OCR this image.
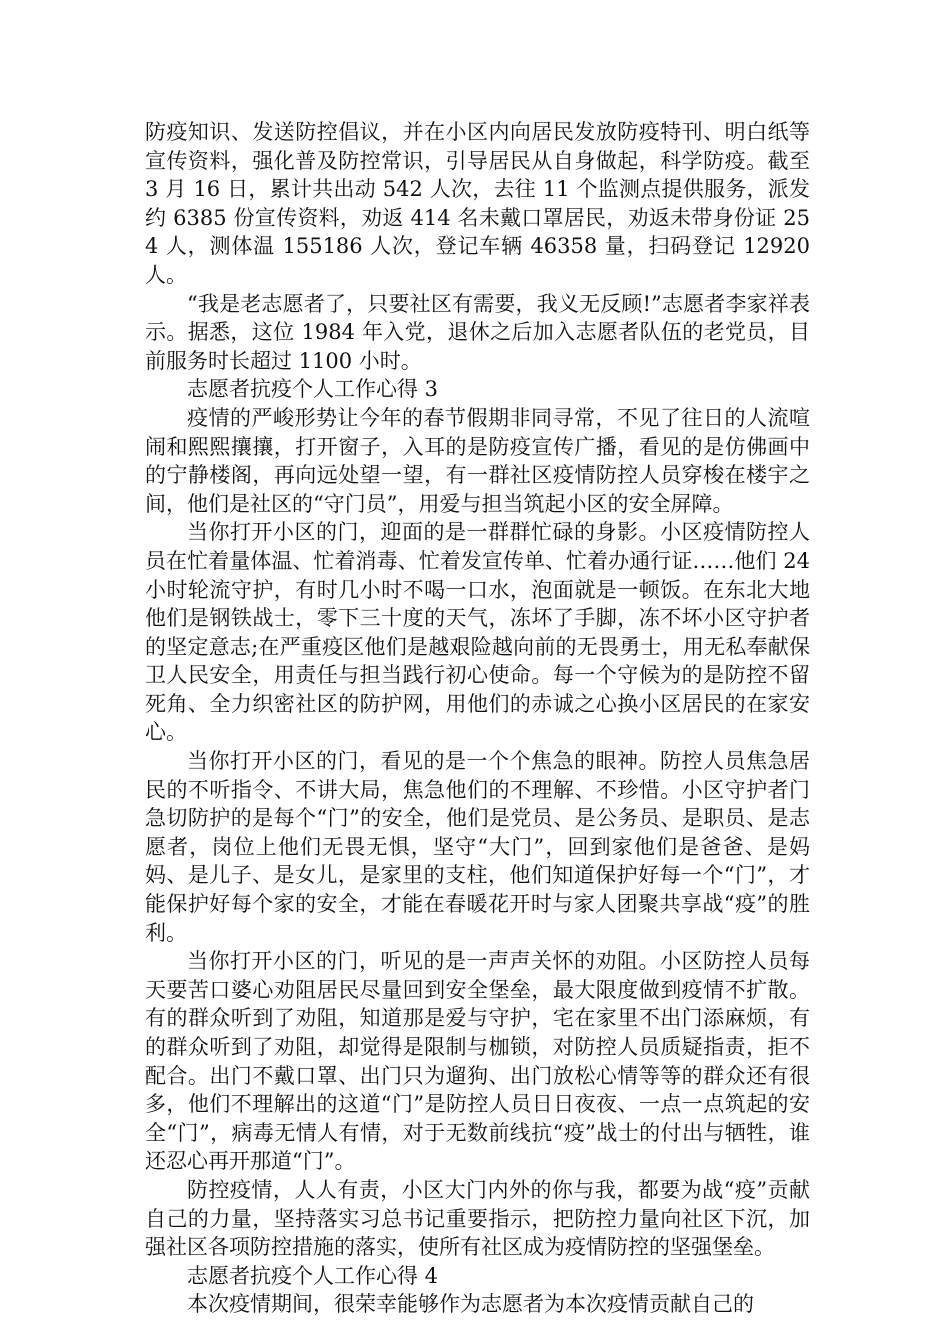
防疫知识、发送防控倡议，并在小区内向居民发放防疫特刊、明白纸等宣传资料，强化普及防控常识，引导居民从自身做起，科学防疫。截至 3 月 16 日，累计共出动 542 人次，去往 11 个监测点提供服务，派发约 6385 份宣传资料，劝返 414 名未戴口罩居民，劝返未带身份证 254 人，测体温 155186 人次，登记车辆 46358 量，扫码登记 12920 人。

“我是老志愿者了，只要社区有需要，我义无反顾!”志愿者李家祥表示。据悉，这位 1984 年入党，退休之后加入志愿者队伍的老党员，目前服务时长超过 1100 小时。

志愿者抗疫个人工作心得 3

疫情的严峻形势让今年的春节假期非同寻常，不见了往日的人流喧闹和熙熙攘攘，打开窗子，入耳的是防疫宣传广播，看见的是仿佛画中的宁静楼阁，再向远处望一望，有一群社区疫情防控人员穿梭在楼宇之间，他们是社区的“守门员”，用爱与担当筑起小区的安全屏障。

当你打开小区的门，迎面的是一群群忙碌的身影。小区疫情防控人员在忙着量体温、忙着消毒、忙着发宣传单、忙着办通行证……他们 24 小时轮流守护，有时几小时不喝一口水，泡面就是一顿饭。在东北大地他们是钢铁战士，零下三十度的天气，冻坏了手脚，冻不坏小区守护者的坚定意志;在严重疫区他们是越艰险越向前的无畏勇士，用无私奉献保卫人民安全，用责任与担当践行初心使命。每一个守候为的是防控不留死角、全力织密社区的防护网，用他们的赤诚之心换小区居民的在家安心。

当你打开小区的门，看见的是一个个焦急的眼神。防控人员焦急居民的不听指令、不讲大局，焦急他们的不理解、不珍惜。小区守护者门急切防护的是每个“门”的安全，他们是党员、是公务员、是职员、是志愿者，岗位上他们无畏无惧，坚守“大门”，回到家他们是爸爸、是妈妈、是儿子、是女儿，是家里的支柱，他们知道保护好每一个“门”，才能保护好每个家的安全，才能在春暖花开时与家人团聚共享战“疫”的胜利。

当你打开小区的门，听见的是一声声关怀的劝阻。小区防控人员每天要苦口婆心劝阻居民尽量回到安全堡垒，最大限度做到疫情不扩散。有的群众听到了劝阻，知道那是爱与守护，宅在家里不出门添麻烦，有的群众听到了劝阻，却觉得是限制与枷锁，对防控人员质疑指责，拒不配合。出门不戴口罩、出门只为遛狗、出门放松心情等等的群众还有很多，他们不理解出的这道“门”是防控人员日日夜夜、一点一点筑起的安全“门”，病毒无情人有情，对于无数前线抗“疫”战士的付出与牺牲，谁还忍心再开那道“门”。

防控疫情，人人有责，小区大门内外的你与我，都要为战“疫”贡献自己的力量，坚持落实习总书记重要指示，把防控力量向社区下沉，加强社区各项防控措施的落实，使所有社区成为疫情防控的坚强堡垒。

志愿者抗疫个人工作心得 4

本次疫情期间，很荣幸能够作为志愿者为本次疫情贡献自己的
